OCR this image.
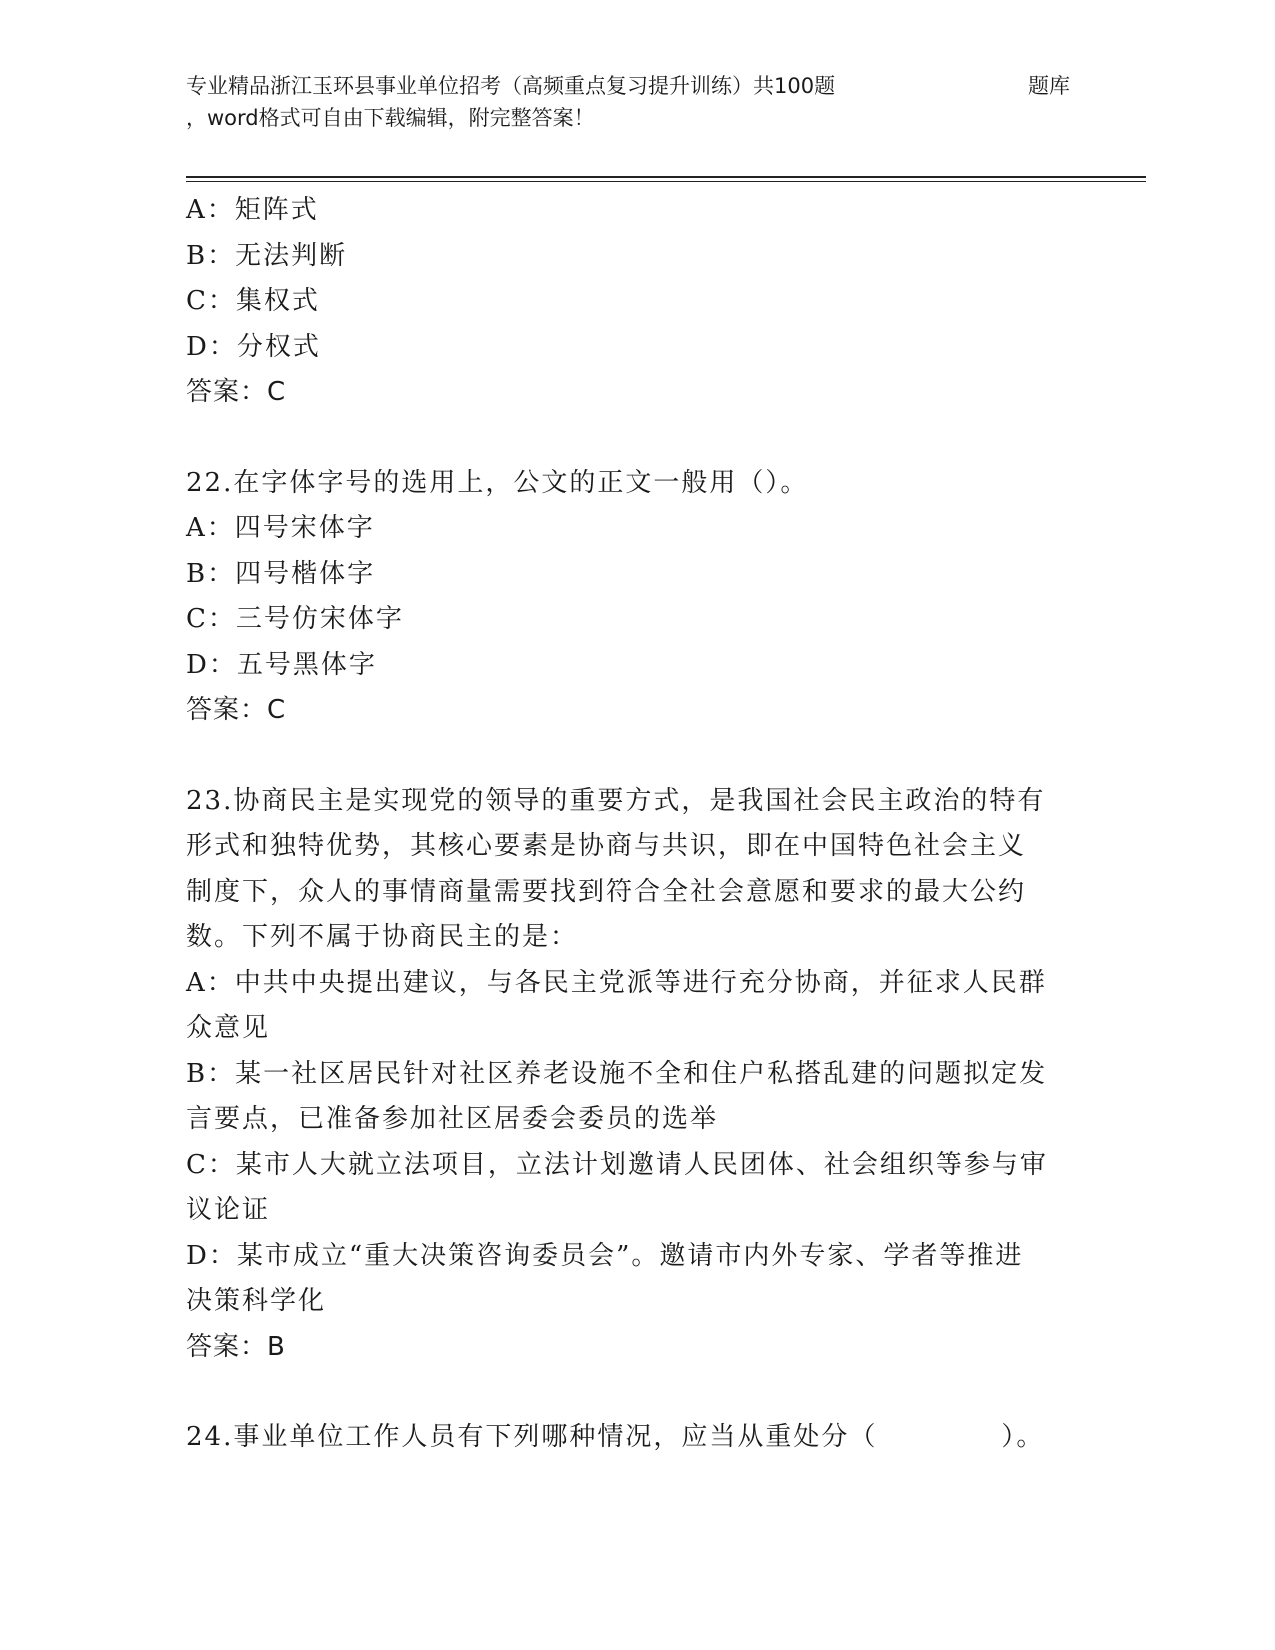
专业精品浙江玉环县事业单位招考（高频重点复习提升训练）共100题	题库
，word格式可自由下载编辑，附完整答案！
A：矩阵式
B：无法判断
C：集权式
D：分权式
答案：C
22.在字体字号的选用上，公文的正文一般用（）。
A：四号宋体字
B：四号楷体字
C：三号仿宋体字
D：五号黑体字
答案：C
23.协商民主是实现党的领导的重要方式，是我国社会民主政治的特有
形式和独特优势，其核心要素是协商与共识，即在中国特色社会主义
制度下，众人的事情商量需要找到符合全社会意愿和要求的最大公约
数。下列不属于协商民主的是：
A：中共中央提出建议，与各民主党派等进行充分协商，并征求人民群
众意见
B：某一社区居民针对社区养老设施不全和住户私搭乱建的问题拟定发
言要点，已准备参加社区居委会委员的选举
C：某市人大就立法项目，立法计划邀请人民团体、社会组织等参与审
议论证
D：某市成立“重大决策咨询委员会”。邀请市内外专家、学者等推进
决策科学化
答案：B
24.事业单位工作人员有下列哪种情况，应当从重处分（	）。
